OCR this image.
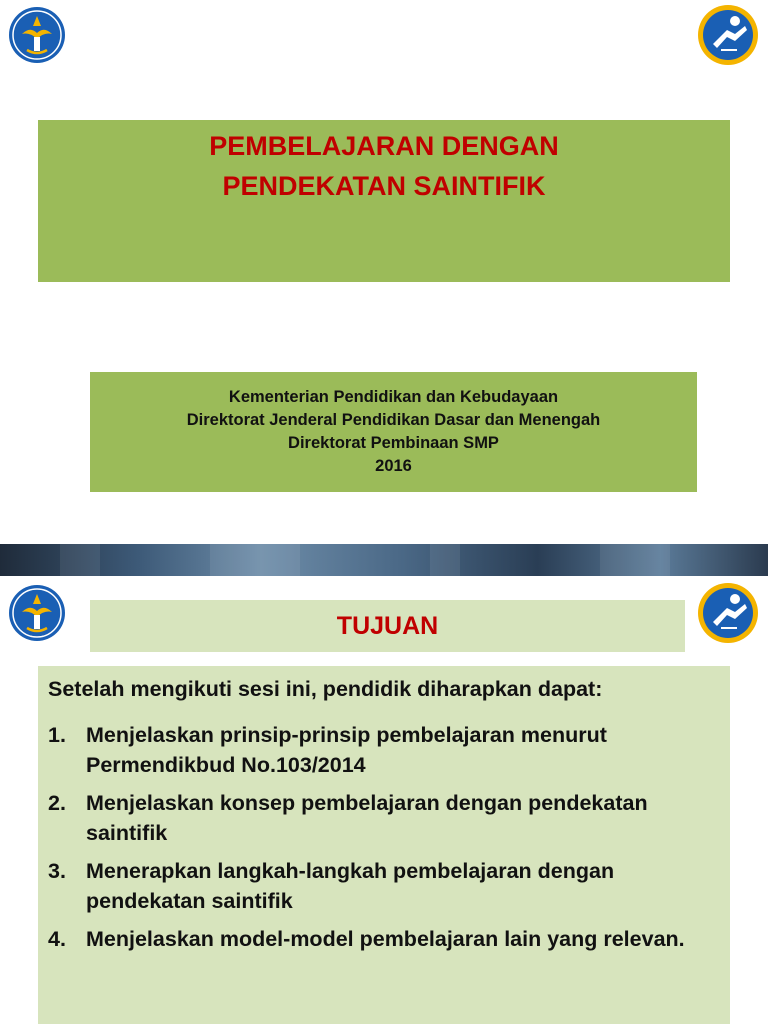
PEMBELAJARAN DENGAN
PENDEKATAN SAINTIFIK
Kementerian Pendidikan dan Kebudayaan
Direktorat Jenderal Pendidikan Dasar dan Menengah
Direktorat Pembinaan SMP
2016
TUJUAN
Setelah mengikuti sesi ini, pendidik diharapkan dapat:
1. Menjelaskan prinsip-prinsip pembelajaran menurut Permendikbud No.103/2014
2. Menjelaskan konsep pembelajaran dengan pendekatan saintifik
3. Menerapkan langkah-langkah pembelajaran dengan pendekatan saintifik
4. Menjelaskan model-model pembelajaran lain yang relevan.
